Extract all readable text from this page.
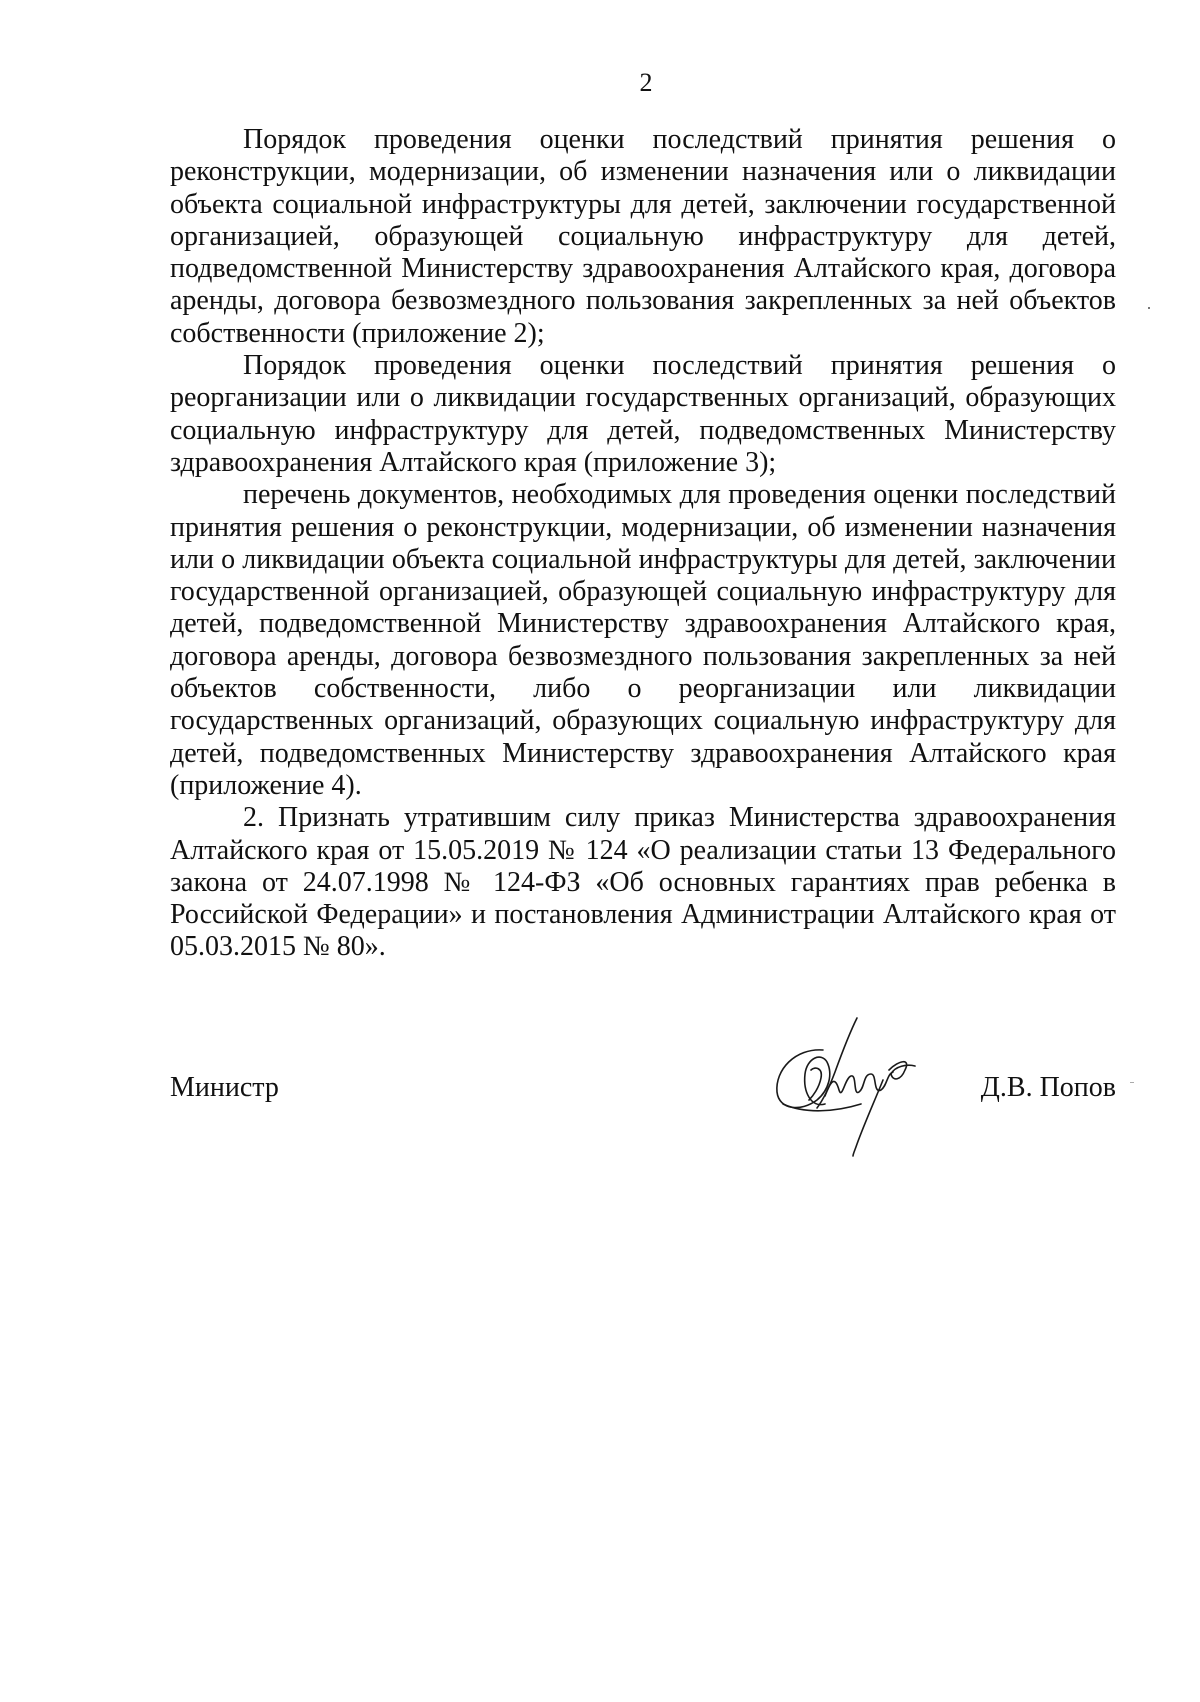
2

Порядок проведения оценки последствий принятия решения о реконструкции, модернизации, об изменении назначения или о ликвидации объекта социальной инфраструктуры для детей, заключении государственной организацией, образующей социальную инфраструктуру для детей, подведомственной Министерству здравоохранения Алтайского края, договора аренды, договора безвозмездного пользования закрепленных за ней объектов собственности (приложение 2);

Порядок проведения оценки последствий принятия решения о реорганизации или о ликвидации государственных организаций, образующих социальную инфраструктуру для детей, подведомственных Министерству здравоохранения Алтайского края (приложение 3);

перечень документов, необходимых для проведения оценки последствий принятия решения о реконструкции, модернизации, об изменении назначения или о ликвидации объекта социальной инфраструктуры для детей, заключении государственной организацией, образующей социальную инфраструктуру для детей, подведомственной Министерству здравоохранения Алтайского края, договора аренды, договора безвозмездного пользования закрепленных за ней объектов собственности, либо о реорганизации или ликвидации государственных организаций, образующих социальную инфраструктуру для детей, подведомственных Министерству здравоохранения Алтайского края (приложение 4).

2. Признать утратившим силу приказ Министерства здравоохранения Алтайского края от 15.05.2019 № 124 «О реализации статьи 13 Федерального закона от 24.07.1998 № 124-ФЗ «Об основных гарантиях прав ребенка в Российской Федерации» и постановления Администрации Алтайского края от 05.03.2015 № 80».

Министр	Д.В. Попов
